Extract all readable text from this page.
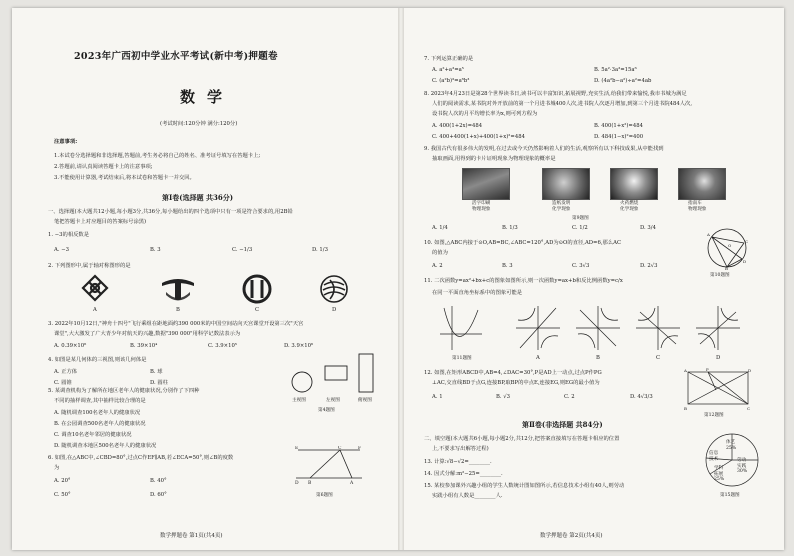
2023年广西初中学业水平考试(新中考)押题卷
数学
(考试时间:120分钟 满分:120分)
注意事项:
1.本试卷分选择题和非选择题,答题前,考生务必将自己的姓名、准考证号填写在答题卡上;
2.答题前,请认真阅读答题卡上的注意事项;
3.不能使用计算器,考试结束后,将本试卷和答题卡一并交回。
第Ⅰ卷(选择题 共36分)
一、选择题(本大题共12小题,每小题3分,共36分,每小题给出的四个选项中只有一项是符合要求的,用2B铅
笔把答题卡上对应题目的答案标号涂黑)
1. −3的相反数是
A. −3	B. 3	C. −1/3	D. 1/3
2. 下列图形中,属于轴对称图形的是
A	B	C	D
3. 2022年10月12日,"神舟十四号"飞行乘组在距地面约390 000米的中国空间站向天宫课堂开设第三次"天宫
课堂",大大激发了广大青少年对航天的兴趣,数据"390 000"用科学记数法表示为
A. 0.39×10⁶	B. 39×10⁴	C. 3.9×10⁵	D. 3.9×10⁶
4. 如图是某几何体的三视图,则该几何体是
A. 正方体	B. 球
C. 圆锥	D. 圆柱
主视图	左视图	俯视图
第4题图
5. 某调查机构为了解所在地区老年人的健康状况,分别作了下四种
不同的抽样调查,其中抽样比较合理的是
A. 随机调查100名老年人的健康状况
B. 在公园调查500名老年人的健康状况
C. 调查10名老年邻居的健康状况
D. 随机调查本地区500名老年人的健康状况
6. 如图,在△ABC中,∠CBD=80°,过点C作EF∥AB,若∠ECA=50°,则∠B的度数
为
A. 20°	B. 40°
C. 50°	D. 60°
E	C	F
D B	A
第6题图
数学押题卷 第1页(共4页)
7. 下列运算正确的是
A. a²+a³=a⁵	B. 5a²·3a³=15a⁶
C. (a²b)³=a⁶b³	D. (4a²b−a²)÷a²=4ab
8. 2023年4月23日是第28个世界读书日,读书可以丰富知识,拓展视野,充实生活,给我们带来愉悦,我市书城为满足
人们的阅读需求,某书院对外开放前的第一个月进书城400人次,进书院人次逐月增加,到第三个月进书院484人次,
设书院人次的月平均增长率为x,则可列方程为
A. 400(1+2x)=484	B. 400(1+x²)=484
C. 400+400(1+x)+400(1+x)²=484	D. 484(1−x)²=400
9. 我国古代有很多伟大的发明,在过去或今天仍然影响着人们的生活,观察所有以下科技成果,从中能找到
抽取画面,用得到的卡片证明现象为物理现象的概率是
活字印刷
物理现象
造纸发明
化学现象
火药燃烧
化学现象
指南车
物理现象
第9题图
A. 1/4	B. 1/3	C. 1/2	D. 3/4
10. 如图,△ABC内接于⊙O,AB=BC,∠ABC=120°,AD为⊙O的直径,AD=6,那么AC
的值为
A. 2	B. 3	C. 3√3	D. 2√3
A
C
D
B
O
第10题图
11. 二次函数y=ax²+bx+c的图象如图所示,则一次函数y=ax+b和反比例函数y=c/x
在同一平面直角坐标系中的图象可能是
第11题图	A	B	C	D
12. 如图,在矩形ABCD中,AB=4,∠DAC=30°,P是AD上一动点,过点P作PG
⊥AC,交直线BD于点G,连接BP,取BP的中点E,连接EG,则EG的最小值为
A. 1	B. √3	C. 2	D. 4√3/3
A	D
B	C
P
第12题图
第Ⅱ卷(非选择题 共84分)
二、填空题(本大题共6小题,每小题2分,共12分,把答案直接填写在答题卡相应的位置
上,不要求写出解答过程)
13. 计算:√8−√2=________.
14. 因式分解:m²−25=________.
15. 某校参加课外兴趣小组的学生人数统计图如图所示,若信息技术小组有40人,则劳动
实践小组有人数是________人.
体艺
25%
信息
技术	劳动
实践
30%
学科
拓展
25%
第15题图
数学押题卷 第2页(共4页)
